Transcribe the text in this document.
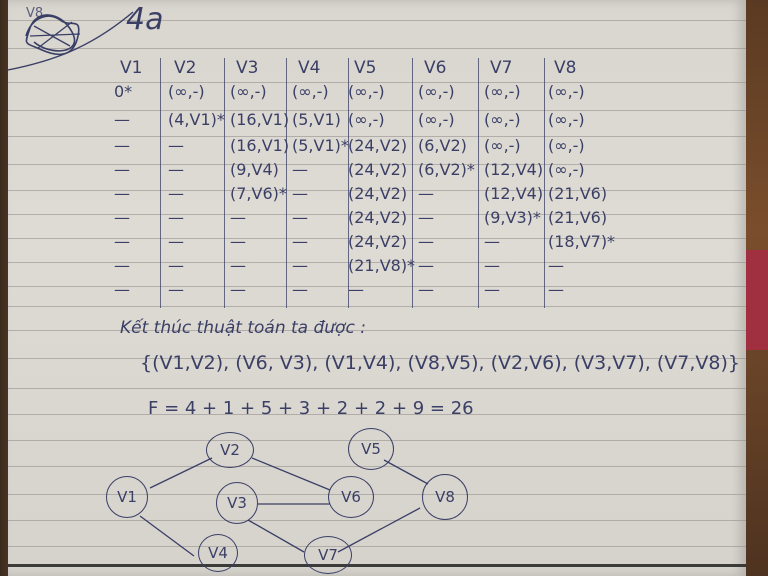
V8	4a
V1 V2 V3 V4 V5	V6	V7 V8
0* (∞,-) (∞,-) (∞,-) (∞,-) (∞,-) (∞,-) (∞,-)
— (4,V1)* (16,V1) (5,V1) (∞,-) (∞,-) (∞,-) (∞,-)
— —	(16,V1) (5,V1)* (24,V2) (6,V2) (∞,-) (∞,-)
— —	(9,V4) —	(24,V2) (6,V2)* (12,V4) (∞,-)
— —	(7,V6)* —	(24,V2) —	(12,V4) (21,V6)
— —	—	—	(24,V2) —	(9,V3)* (21,V6)
— —	—	—	(24,V2) —	—	(18,V7)*
— —	—	—	(21,V8)* —	—	—
— —	—	—	—	—	—	—
Kết thúc thuật toán ta được :
{(V1,V2), (V6, V3), (V1,V4), (V8,V5), (V2,V6), (V3,V7), (V7,V8)}
F = 4 + 1 + 5 + 3 + 2 + 2 + 9 = 26
V1
V2
V3
V4
V5
V6
V7
V8
